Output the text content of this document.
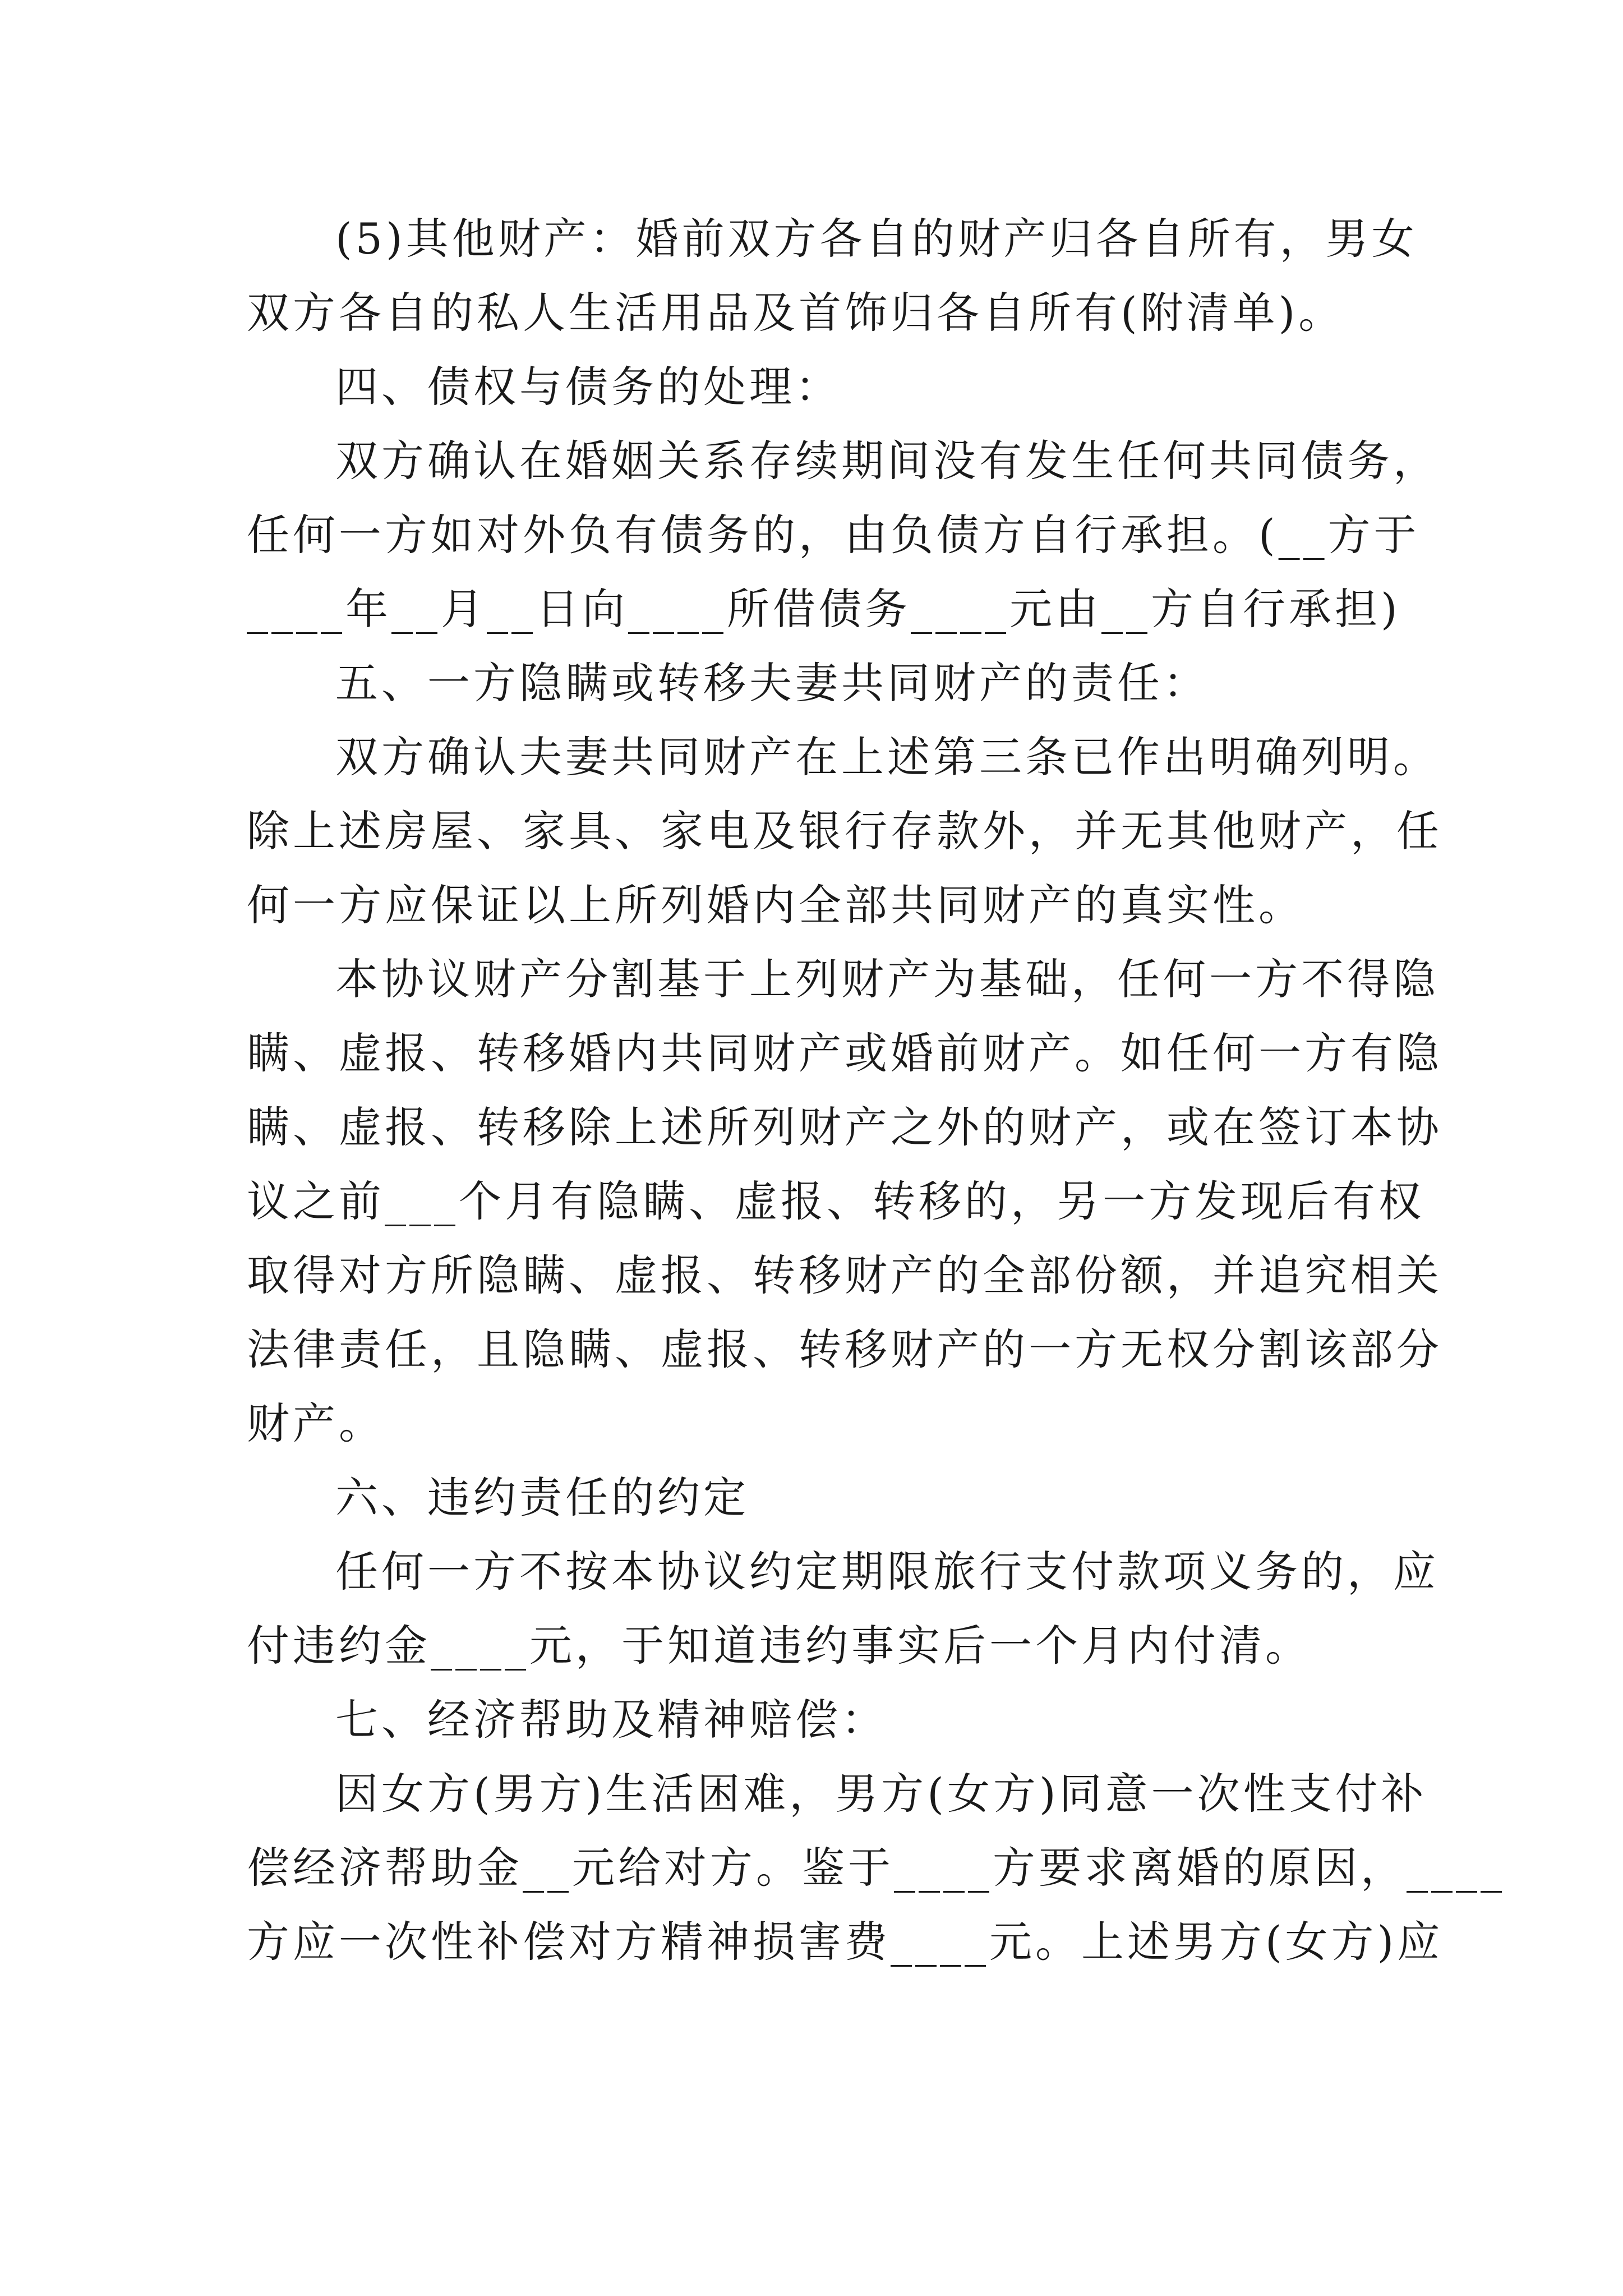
(5)其他财产：婚前双方各自的财产归各自所有，男女
双方各自的私人生活用品及首饰归各自所有(附清单)。
四、债权与债务的处理：
双方确认在婚姻关系存续期间没有发生任何共同债务，
任何一方如对外负有债务的，由负债方自行承担。(__方于
____年__月__日向____所借债务____元由__方自行承担)
五、一方隐瞒或转移夫妻共同财产的责任：
双方确认夫妻共同财产在上述第三条已作出明确列明。
除上述房屋、家具、家电及银行存款外，并无其他财产，任
何一方应保证以上所列婚内全部共同财产的真实性。
本协议财产分割基于上列财产为基础，任何一方不得隐
瞒、虚报、转移婚内共同财产或婚前财产。如任何一方有隐
瞒、虚报、转移除上述所列财产之外的财产，或在签订本协
议之前___个月有隐瞒、虚报、转移的，另一方发现后有权
取得对方所隐瞒、虚报、转移财产的全部份额，并追究相关
法律责任，且隐瞒、虚报、转移财产的一方无权分割该部分
财产。
六、违约责任的约定
任何一方不按本协议约定期限旅行支付款项义务的，应
付违约金____元，于知道违约事实后一个月内付清。
七、经济帮助及精神赔偿：
因女方(男方)生活困难，男方(女方)同意一次性支付补
偿经济帮助金__元给对方。鉴于____方要求离婚的原因，____
方应一次性补偿对方精神损害费____元。上述男方(女方)应
